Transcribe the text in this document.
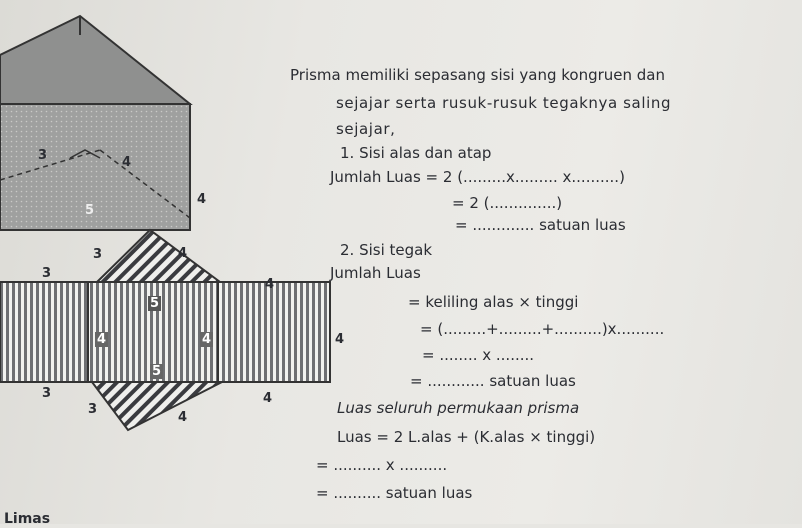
3	4
5
4
3	4
3
4
5
4	4
5
4
3
3
4
4
Prisma memiliki sepasang sisi yang kongruen dan
sejajar serta rusuk-rusuk tegaknya saling
sejajar,
1. Sisi alas dan atap
Jumlah Luas = 2 (.........x......... x..........)
= 2 (..............)
= ............. satuan luas
2. Sisi tegak
Jumlah Luas
= keliling alas × tinggi
= (.........+.........+..........)x..........
= ........ x ........
= ............ satuan luas
Luas seluruh permukaan prisma
Luas = 2 L.alas + (K.alas × tinggi)
= .......... x ..........
= .......... satuan luas
Limas
